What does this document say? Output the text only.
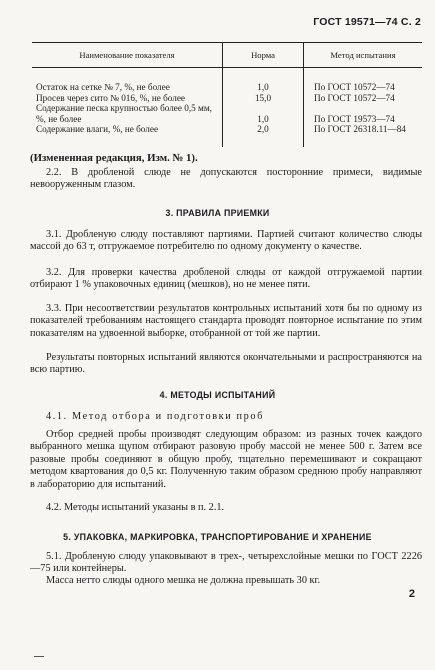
ГОСТ 19571—74 С. 2
Наименование показателя	Норма	Метод испытания
Остаток на сетке № 7, %, не более	1,0	По ГОСТ 10572—74
Просев через сито № 016, %, не более	15,0	По ГОСТ 10572—74
Содержание песка крупностью более 0,5 мм, %, не более	1,0	По ГОСТ 19573—74
Содержание влаги, %, не более	2,0	По ГОСТ 26318.11—84
(Измененная редакция, Изм. № 1).
2.2. В дробленой слюде не допускаются посторонние примеси, видимые невооруженным глазом.
3. ПРАВИЛА ПРИЕМКИ
3.1. Дробленую слюду поставляют партиями. Партией считают количество слюды массой до 63 т, отгружаемое потребителю по одному документу о качестве.
3.2. Для проверки качества дробленой слюды от каждой отгружаемой партии отбирают 1 % упаковочных единиц (мешков), но не менее пяти.
3.3. При несоответствии результатов контрольных испытаний хотя бы по одному из показателей требованиям настоящего стандарта проводят повторное испытание по этим показателям на удвоенной выборке, отобранной от той же партии.
Результаты повторных испытаний являются окончательными и распространяются на всю партию.
4. МЕТОДЫ ИСПЫТАНИЙ
4.1. Метод отбора и подготовки проб
Отбор средней пробы производят следующим образом: из разных точек каждого выбранного мешка щупом отбирают разовую пробу массой не менее 500 г. Затем все разовые пробы соединяют в общую пробу, тщательно перемешивают и сокращают методом квартования до 0,5 кг. Полученную таким образом среднюю пробу направляют в лабораторию для испытаний.
4.2. Методы испытаний указаны в п. 2.1.
5. УПАКОВКА, МАРКИРОВКА, ТРАНСПОРТИРОВАНИЕ И ХРАНЕНИЕ
5.1. Дробленую слюду упаковывают в трех-, четырехслойные мешки по ГОСТ 2226—75 или контейнеры.
Масса нетто слюды одного мешка не должна превышать 30 кг.
2
